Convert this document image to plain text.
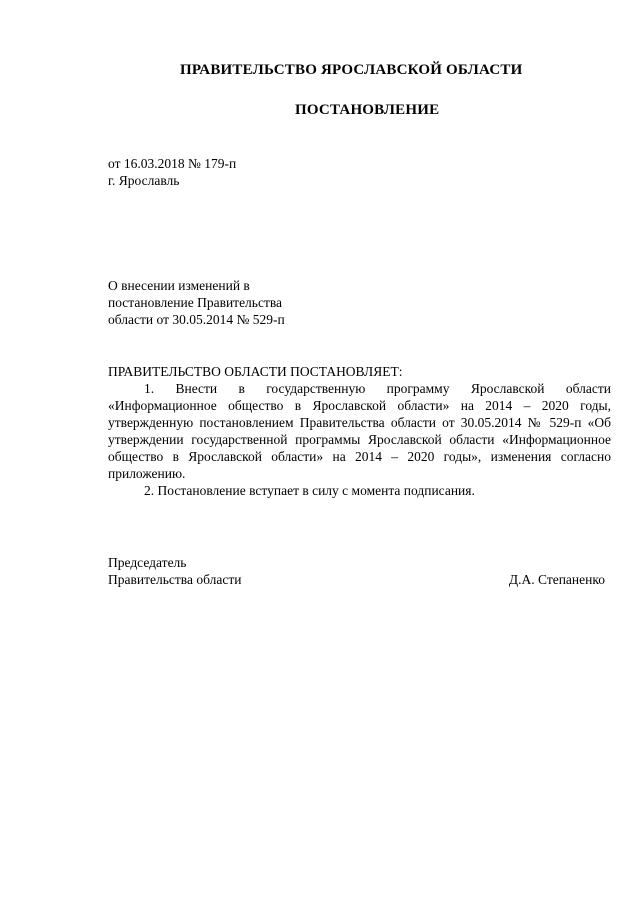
ПРАВИТЕЛЬСТВО ЯРОСЛАВСКОЙ ОБЛАСТИ
ПОСТАНОВЛЕНИЕ
от 16.03.2018 № 179-п
г. Ярославль
О внесении изменений в
постановление Правительства
области от 30.05.2014 № 529-п
ПРАВИТЕЛЬСТВО ОБЛАСТИ ПОСТАНОВЛЯЕТ:

1. Внести в государственную программу Ярославской области «Информационное общество в Ярославской области» на 2014 – 2020 годы, утвержденную постановлением Правительства области от 30.05.2014 № 529-п «Об утверждении государственной программы Ярославской области «Информационное общество в Ярославской области» на 2014 – 2020 годы», изменения согласно приложению.

2. Постановление вступает в силу с момента подписания.

Председатель
Правительства области	Д.А. Степаненко
